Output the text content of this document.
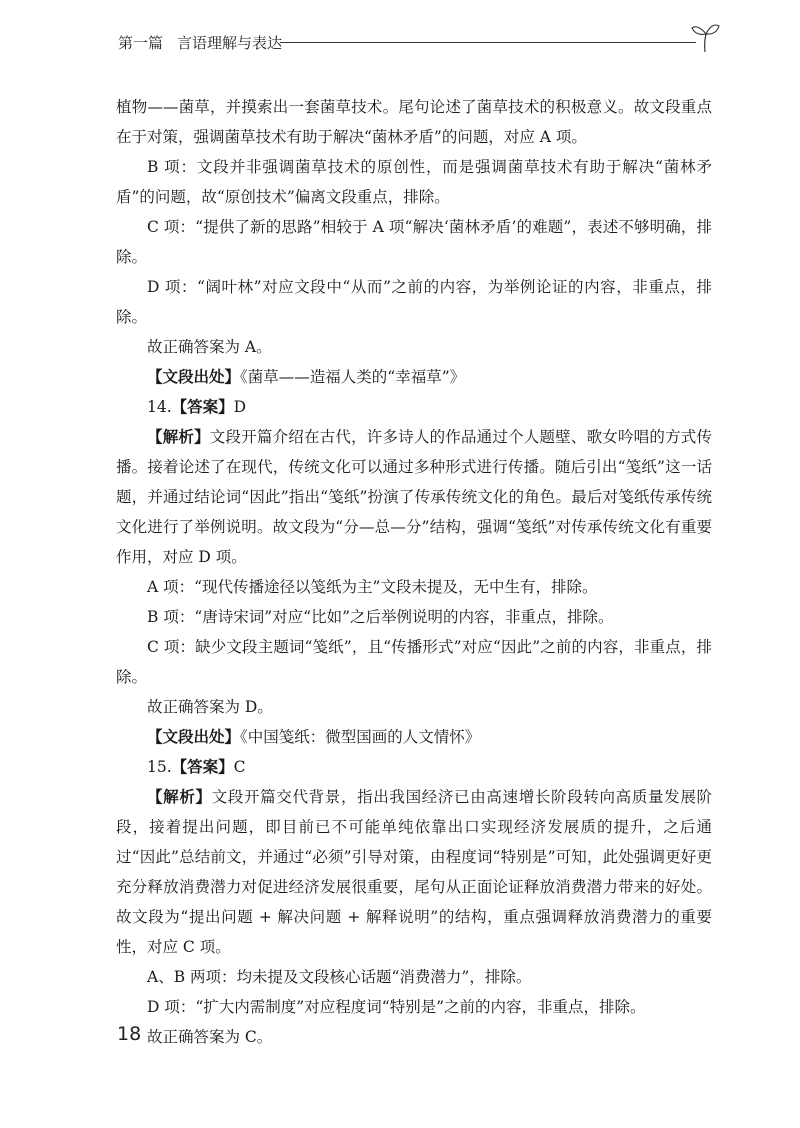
第一篇 言语理解与表达

植物——菌草，并摸索出一套菌草技术。尾句论述了菌草技术的积极意义。故文段重点在于对策，强调菌草技术有助于解决“菌林矛盾”的问题，对应 A 项。

B 项：文段并非强调菌草技术的原创性，而是强调菌草技术有助于解决“菌林矛盾”的问题，故“原创技术”偏离文段重点，排除。

C 项：“提供了新的思路”相较于 A 项“解决‘菌林矛盾’的难题”，表述不够明确，排除。

D 项：“阔叶林”对应文段中“从而”之前的内容，为举例论证的内容，非重点，排除。

故正确答案为 A。

【文段出处】《菌草——造福人类的“幸福草”》

14.【答案】D

【解析】文段开篇介绍在古代，许多诗人的作品通过个人题壁、歌女吟唱的方式传播。接着论述了在现代，传统文化可以通过多种形式进行传播。随后引出“笺纸”这一话题，并通过结论词“因此”指出“笺纸”扮演了传承传统文化的角色。最后对笺纸传承传统文化进行了举例说明。故文段为“分—总—分”结构，强调“笺纸”对传承传统文化有重要作用，对应 D 项。

A 项：“现代传播途径以笺纸为主”文段未提及，无中生有，排除。

B 项：“唐诗宋词”对应“比如”之后举例说明的内容，非重点，排除。

C 项：缺少文段主题词“笺纸”，且“传播形式”对应“因此”之前的内容，非重点，排除。

故正确答案为 D。

【文段出处】《中国笺纸：微型国画的人文情怀》

15.【答案】C

【解析】文段开篇交代背景，指出我国经济已由高速增长阶段转向高质量发展阶段，接着提出问题，即目前已不可能单纯依靠出口实现经济发展质的提升，之后通过“因此”总结前文，并通过“必须”引导对策，由程度词“特别是”可知，此处强调更好更充分释放消费潜力对促进经济发展很重要，尾句从正面论证释放消费潜力带来的好处。故文段为“提出问题 + 解决问题 + 解释说明”的结构，重点强调释放消费潜力的重要性，对应 C 项。

A、B 两项：均未提及文段核心话题“消费潜力”，排除。

D 项：“扩大内需制度”对应程度词“特别是”之前的内容，非重点，排除。

故正确答案为 C。

18
